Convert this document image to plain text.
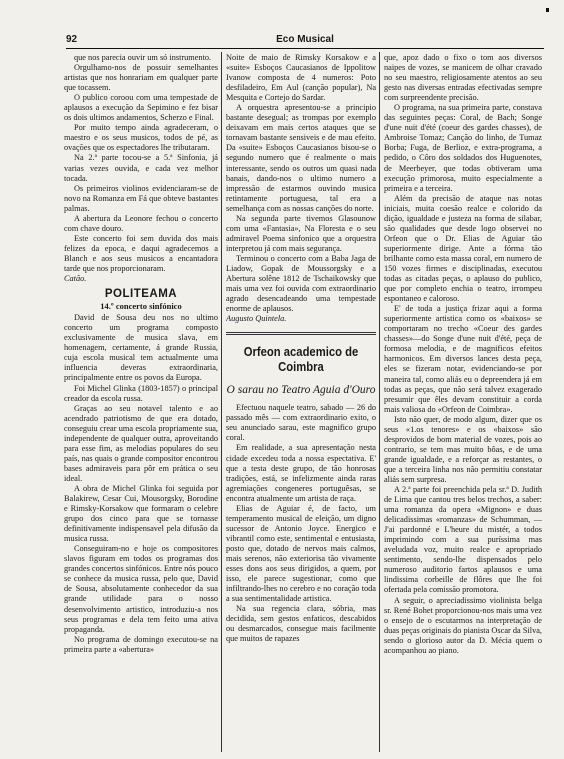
92	Eco Musical

que nos parecia ouvir um só instrumento.

Orgulhamo-nos de possuir semelhantes artistas que nos honrariam em qualquer parte que tocassem.

O publico coroou com uma tempestade de aplausos a execução da Sepimino e fez bisar os dois ultimos andamentos, Scherzo e Final.

Por muito tempo ainda agradeceram, o maestro e os seus musicos, todos de pé, as ovações que os espectadores lhe tributaram.

Na 2.ª parte tocou-se a 5.ª Sinfonia, já varias vezes ouvida, e cada vez melhor tocada.

Os primeiros violinos evidenciaram-se de novo na Romanza em Fá que obteve bastantes palmas.

A abertura da Leonore fechou o concerto com chave douro.

Este concerto foi sem duvida dos mais felizes da epoca, e daqui agradecemos a Blanch e aos seus musicos a encantadora tarde que nos proporcionaram.

Catão.

POLITEAMA
14.º concerto sinfónico

David de Sousa deu nos no ultimo concerto um programa composto exclusivamente de musica slava, em homenagem, certamente, á grande Russia, cuja escola musical tem actualmente uma influencia deveras extraordinaria, principalmente entre os povos da Europa.

Foi Michel Glinka (1803-1857) o principal creador da escola russa.

Graças ao seu notavel talento e ao acendrado patriotismo de que era dotado, conseguiu crear uma escola propriamente sua, independente de qualquer outra, aproveitando para esse fim, as melodias populares do seu país, nas quais o grande compositor encontrou bases admiraveis para pôr em prática o seu ideal.

A obra de Michel Glinka foi seguida por Balakirew, Cesar Cui, Mousorgsky, Borodine e Rimsky-Korsakow que formaram o celebre grupo dos cinco para que se tornasse definitivamente indispensavel pela difusão da musica russa.

Conseguiram-no e hoje os compositores slavos figuram em todos os programas dos grandes concertos sinfónicos. Entre nós pouco se conhece da musica russa, pelo que, David de Sousa, absolutamente conhecedor da sua grande utilidade para o nosso desenvolvimento artistico, introduziu-a nos seus programas e dela tem feito uma ativa propaganda.

No programa de domingo executou-se na primeira parte a «abertura»

Noite de maio de Rimsky Korsakow e a «suite» Esboços Caucasianos de Ippolitow Ivanow composta de 4 numeros: Poto desfiladeiro, Em Aul (canção popular), Na Mesquita e Cortejo do Sardar.

A orquestra apresentou-se a principio bastante desegual; as trompas por exemplo deixavam em mais certos ataques que se tornavam bastante sensiveis e de mau efeito. Da «suite» Esboços Caucasianos bisou-se o segundo numero que é realmente o mais interessante, sendo os outros um quasi nada banais, dando-nos o ultimo numero a impressão de estarmos ouvindo musica retintamente portuguesa, tal era a semelhança com as nossas canções do norte.

Na segunda parte tivemos Glasounow com uma «Fantasia», Na Floresta e o seu admiravel Poema sinfonico que a orquestra interpretou já com mais segurança.

Terminou o concerto com a Baba Jaga de Liadow, Gopak de Moussorgsky e a Abertura solêne 1812 de Tschaikowsky que mais uma vez foi ouvida com extraordinario agrado desencadeando uma tempestade enorme de aplausos.

Augusto Quintela.

Orfeon academico de Coimbra
O sarau no Teatro Aguia d'Ouro

Efectuou naquele teatro, sabado — 26 do passado mês — com extraordinario exito, o seu anunciado sarau, este magnifico grupo coral.

Em realidade, a sua apresentação nesta cidade excedeu toda a nossa espectativa. E' que a testa deste grupo, de tão honrosas tradições, está, se infelizmente ainda raras agremiações congeneres portuguêsas, se encontra atualmente um artista de raça.

Elias de Aguiar é, de facto, um temperamento musical de eleição, um digno sucessor de Antonio Joyce. Energico e vibrantil como este, sentimental e entusiasta, posto que, dotado de nervos mais calmos, mais serenos, não exteriorisa tão vivamente esses dons aos seus dirigidos, a quem, por isso, ele parece sugestionar, como que infiltrando-lhes no cerebro e no coração toda a sua sentimentalidade artistica.

Na sua regencia clara, sóbria, mas decidida, sem gestos enfaticos, descabidos ou desmarcados, consegue mais facilmente que muitos de rapazes

que, apoz dado o fixo o tom aos diversos naipes de vozes, se manicem de olhar cravado no seu maestro, religiosamente atentos ao seu gesto nas diversas entradas efectivadas sempre com surpreendente precisão.

O programa, na sua primeira parte, constava das seguintes peças: Coral, de Bach; Songe d'une nuit d'été (coeur des gardes chasses), de Ambroise Tomaz; Canção do linho, de Tumaz Borba; Fuga, de Berlioz, e extra-programa, a pedido, o Côro dos soldados dos Huguenotes, de Meerbeyer, que todas obtiveram uma execução primorosa, muito especialmente a primeira e a terceira.

Além da precisão de ataque nas notas iniciais, muita coesão realce e colorido da dição, igualdade e justeza na forma de silabar, são qualidades que desde logo observei no Orfeon que o Dr. Elias de Aguiar tão superiormente dirige. Ante a fórma tão brilhante como esta massa coral, em numero de 150 vozes firmes e disciplinadas, executou todas as citadas peças, o aplauso do publico, que por completo enchia o teatro, irrompeu espontaneo e caloroso.

E' de toda a justiça frizar aqui a forma superiormente artistica como os «baixos» se comportaram no trecho «Coeur des gardes chasses»—do Songe d'une nuit d'été, peça de formosa melodia, e de magnificos efeitos harmonicos. Em diversos lances desta peça, eles se fizeram notar, evidenciando-se por maneira tal, como aliás eu o depreendera já em todas as peças, que não será talvez exagerado presumir que êles devam constituir a corda mais valiosa do «Orfeon de Coimbra».

Isto não quer, de modo algum, dizer que os seus «1.os tenores» e os «baixos» são desprovidos de bom material de vozes, pois ao contrario, se tem mas muito bôas, e de uma grande igualdade, e a reforçar as restantes, o que a terceira linha nos não permitiu constatar aliás sem surpresa.

A 2.ª parte foi preenchida pela sr.ª D. Judith de Lima que cantou tres belos trechos, a saber: uma romanza da opera «Mignon» e duas delicadissimas «romanzas» de Schumman, — J'ai pardonné e L'heure du mistér, a todos imprimindo com a sua puríssima mas aveludada voz, muito realce e apropriado sentimento, sendo-lhe dispensados pelo numeroso auditorio fartos aplausos e uma lindissima corbeille de flôres que lhe foi ofertada pela comissão promotora.

A seguir, o apreciadissimo violinista belga sr. René Bohet proporcionou-nos mais uma vez o ensejo de o escutarmos na interpretação de duas peças originais do pianista Oscar da Silva, sendo o glorioso autor da D. Mécia quem o acompanhou ao piano.
